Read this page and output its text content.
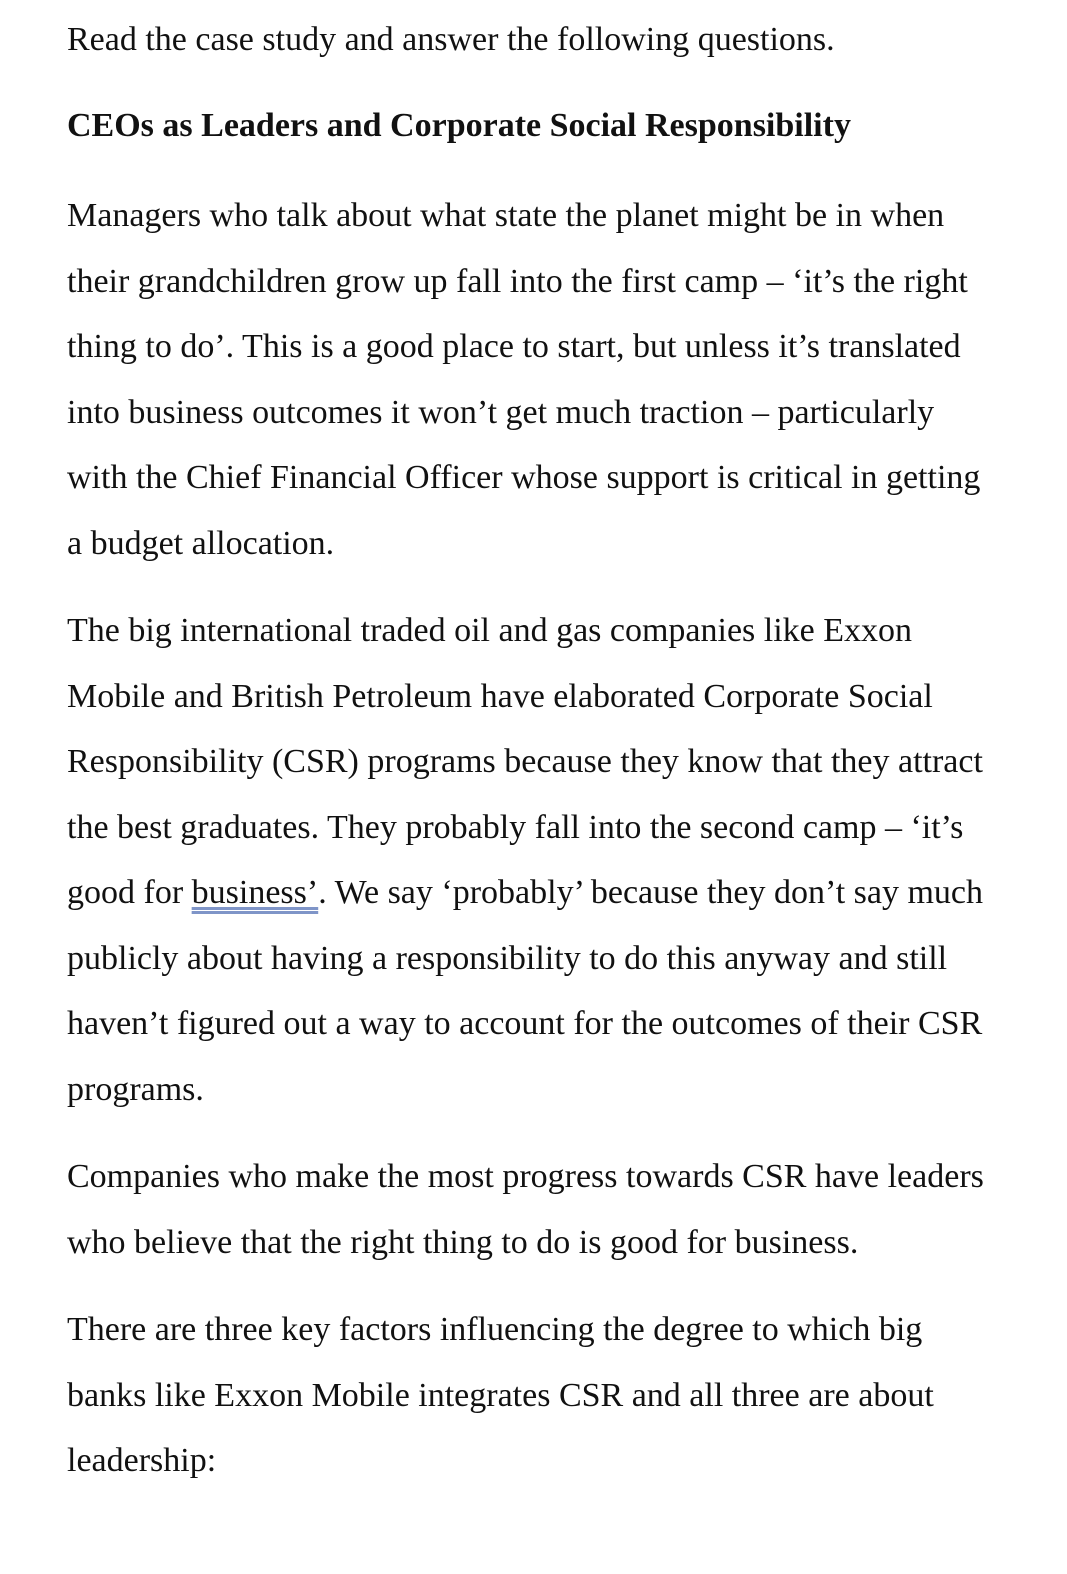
Read the case study and answer the following questions.

CEOs as Leaders and Corporate Social Responsibility

Managers who talk about what state the planet might be in when their grandchildren grow up fall into the first camp – ‘it’s the right thing to do’. This is a good place to start, but unless it’s translated into business outcomes it won’t get much traction – particularly with the Chief Financial Officer whose support is critical in getting a budget allocation.

The big international traded oil and gas companies like Exxon Mobile and British Petroleum have elaborated Corporate Social Responsibility (CSR) programs because they know that they attract the best graduates. They probably fall into the second camp – ‘it’s good for business’. We say ‘probably’ because they don’t say much publicly about having a responsibility to do this anyway and still haven’t figured out a way to account for the outcomes of their CSR programs.

Companies who make the most progress towards CSR have leaders who believe that the right thing to do is good for business.

There are three key factors influencing the degree to which big banks like Exxon Mobile integrates CSR and all three are about leadership:
